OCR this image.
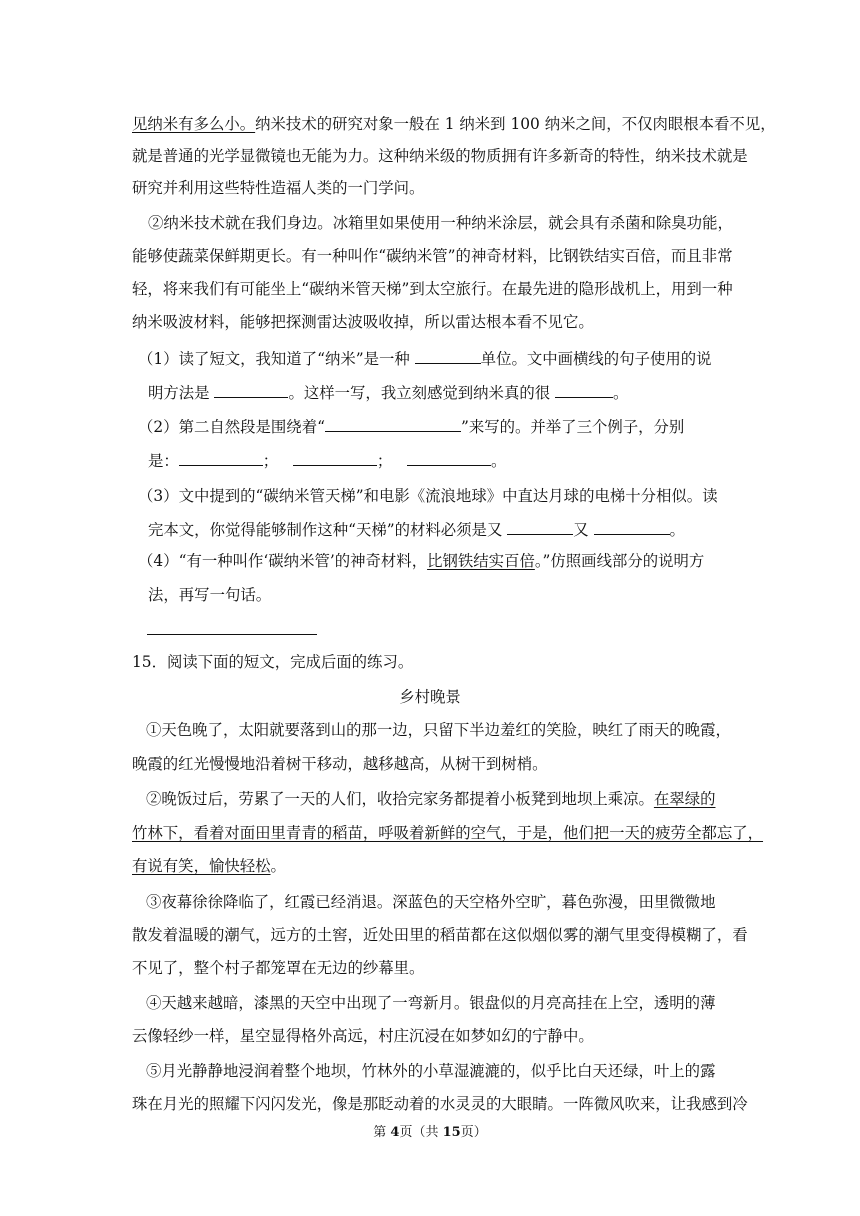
见纳米有多么小。纳米技术的研究对象一般在 1 纳米到 100 纳米之间，不仅肉眼根本看不见，
就是普通的光学显微镜也无能为力。这种纳米级的物质拥有许多新奇的特性，纳米技术就是
研究并利用这些特性造福人类的一门学问。
②纳米技术就在我们身边。冰箱里如果使用一种纳米涂层，就会具有杀菌和除臭功能，
能够使蔬菜保鲜期更长。有一种叫作“碳纳米管”的神奇材料，比钢铁结实百倍，而且非常
轻，将来我们有可能坐上“碳纳米管天梯”到太空旅行。在最先进的隐形战机上，用到一种
纳米吸波材料，能够把探测雷达波吸收掉，所以雷达根本看不见它。
（1）读了短文，我知道了“纳米”是一种	单位。文中画横线的句子使用的说
明方法是	。这样一写，我立刻感觉到纳米真的很	。
（2）第二自然段是围绕着“	”来写的。并举了三个例子，分别
是：	；	；	。
（3）文中提到的“碳纳米管天梯”和电影《流浪地球》中直达月球的电梯十分相似。读
完本文，你觉得能够制作这种“天梯”的材料必须是又	又	。
（4）“有一种叫作‘碳纳米管’的神奇材料，比钢铁结实百倍。”仿照画线部分的说明方
法，再写一句话。
15．阅读下面的短文，完成后面的练习。
乡村晚景
①天色晚了，太阳就要落到山的那一边，只留下半边羞红的笑脸，映红了雨天的晚霞，
晚霞的红光慢慢地沿着树干移动，越移越高，从树干到树梢。
②晚饭过后，劳累了一天的人们，收拾完家务都提着小板凳到地坝上乘凉。在翠绿的
竹林下，看着对面田里青青的稻苗，呼吸着新鲜的空气，于是，他们把一天的疲劳全都忘了，
有说有笑，愉快轻松。
③夜幕徐徐降临了，红霞已经消退。深蓝色的天空格外空旷，暮色弥漫，田里微微地
散发着温暖的潮气，远方的土窖，近处田里的稻苗都在这似烟似雾的潮气里变得模糊了，看
不见了，整个村子都笼罩在无边的纱幕里。
④天越来越暗，漆黑的天空中出现了一弯新月。银盘似的月亮高挂在上空，透明的薄
云像轻纱一样，星空显得格外高远，村庄沉浸在如梦如幻的宁静中。
⑤月光静静地浸润着整个地坝，竹林外的小草湿漉漉的，似乎比白天还绿，叶上的露
珠在月光的照耀下闪闪发光，像是那眨动着的水灵灵的大眼睛。一阵微风吹来，让我感到冷
第 4页（共 15页）
